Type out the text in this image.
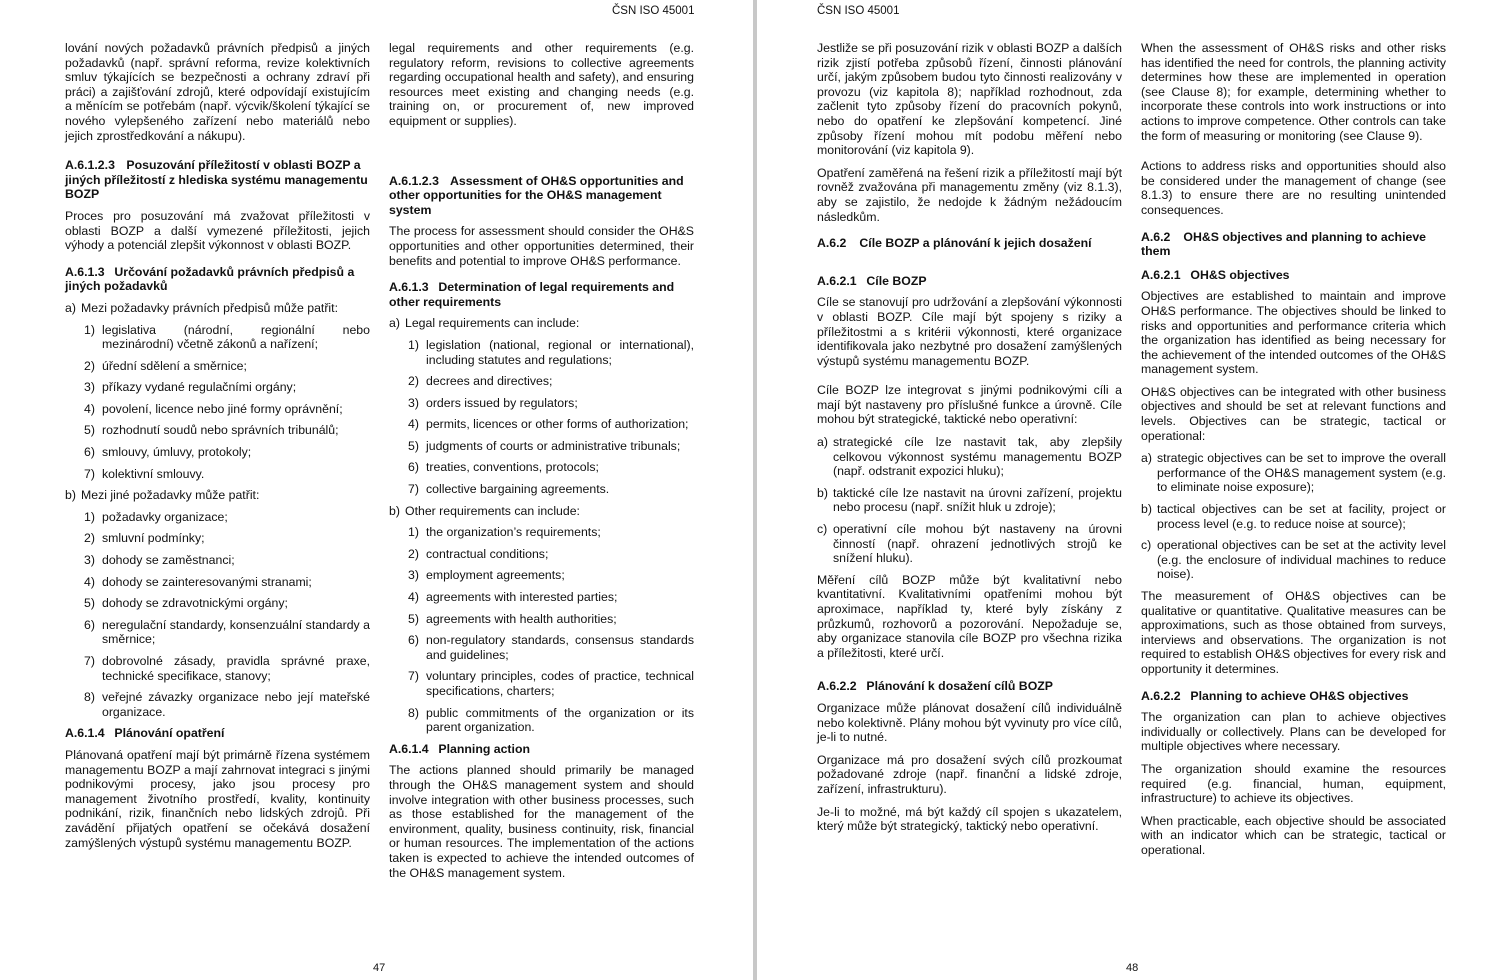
ČSN ISO 45001

lování nových požadavků právních předpisů a jiných požadavků (např. správní reforma, revize kolektivních smluv týkajících se bezpečnosti a ochrany zdraví při práci) a zajišťování zdrojů, které odpovídají existujícím a měnícím se potřebám (např. výcvik/školení týkající se nového vylepšeného zařízení nebo materiálů nebo jejich zprostředkování a nákupu).

A.6.1.2.3 Posuzování příležitostí v oblasti BOZP a jiných příležitostí z hlediska systému managementu BOZP

Proces pro posuzování má zvažovat příležitosti v oblasti BOZP a další vymezené příležitosti, jejich výhody a potenciál zlepšit výkonnost v oblasti BOZP.

A.6.1.3 Určování požadavků právních předpisů a jiných požadavků
a) Mezi požadavky právních předpisů může patřit:
1) legislativa (národní, regionální nebo mezinárodní) včetně zákonů a nařízení;
2) úřední sdělení a směrnice;
3) příkazy vydané regulačními orgány;
4) povolení, licence nebo jiné formy oprávnění;
5) rozhodnutí soudů nebo správních tribunálů;
6) smlouvy, úmluvy, protokoly;
7) kolektivní smlouvy.
b) Mezi jiné požadavky může patřit:
1) požadavky organizace;
2) smluvní podmínky;
3) dohody se zaměstnanci;
4) dohody se zainteresovanými stranami;
5) dohody se zdravotnickými orgány;
6) neregulační standardy, konsenzuální standardy a směrnice;
7) dobrovolné zásady, pravidla správné praxe, technické specifikace, stanovy;
8) veřejné závazky organizace nebo její mateřské organizace.
A.6.1.4 Plánování opatření

Plánovaná opatření mají být primárně řízena systémem managementu BOZP a mají zahrnovat integraci s jinými podnikovými procesy, jako jsou procesy pro management životního prostředí, kvality, kontinuity podnikání, rizik, finančních nebo lidských zdrojů. Při zavádění přijatých opatření se očekává dosažení zamýšlených výstupů systému managementu BOZP.

legal requirements and other requirements (e.g. regulatory reform, revisions to collective agreements regarding occupational health and safety), and ensuring resources meet existing and changing needs (e.g. training on, or procurement of, new improved equipment or supplies).

A.6.1.2.3 Assessment of OH&S opportunities and other opportunities for the OH&S management system

The process for assessment should consider the OH&S opportunities and other opportunities determined, their benefits and potential to improve OH&S performance.

A.6.1.3 Determination of legal requirements and other requirements
a) Legal requirements can include:
1) legislation (national, regional or international), including statutes and regulations;
2) decrees and directives;
3) orders issued by regulators;
4) permits, licences or other forms of authorization;
5) judgments of courts or administrative tribunals;
6) treaties, conventions, protocols;
7) collective bargaining agreements.
b) Other requirements can include:
1) the organization’s requirements;
2) contractual conditions;
3) employment agreements;
4) agreements with interested parties;
5) agreements with health authorities;
6) non-regulatory standards, consensus standards and guidelines;
7) voluntary principles, codes of practice, technical specifications, charters;
8) public commitments of the organization or its parent organization.
A.6.1.4 Planning action

The actions planned should primarily be managed through the OH&S management system and should involve integration with other business processes, such as those established for the management of the environment, quality, business continuity, risk, financial or human resources. The implementation of the actions taken is expected to achieve the intended outcomes of the OH&S management system.

47
ČSN ISO 45001

Jestliže se při posuzování rizik v oblasti BOZP a dalších rizik zjistí potřeba způsobů řízení, činnosti plánování určí, jakým způsobem budou tyto činnosti realizovány v provozu (viz kapitola 8); například rozhodnout, zda začlenit tyto způsoby řízení do pracovních pokynů, nebo do opatření ke zlepšování kompetencí. Jiné způsoby řízení mohou mít podobu měření nebo monitorování (viz kapitola 9).

Opatření zaměřená na řešení rizik a příležitostí mají být rovněž zvažována při managementu změny (viz 8.1.3), aby se zajistilo, že nedojde k žádným nežádoucím následkům.

A.6.2 Cíle BOZP a plánování k jejich dosažení
A.6.2.1 Cíle BOZP

Cíle se stanovují pro udržování a zlepšování výkonnosti v oblasti BOZP. Cíle mají být spojeny s riziky a příležitostmi a s kritérii výkonnosti, které organizace identifikovala jako nezbytné pro dosažení zamýšlených výstupů systému managementu BOZP.

Cíle BOZP lze integrovat s jinými podnikovými cíli a mají být nastaveny pro příslušné funkce a úrovně. Cíle mohou být strategické, taktické nebo operativní:

a) strategické cíle lze nastavit tak, aby zlepšily celkovou výkonnost systému managementu BOZP (např. odstranit expozici hluku);
b) taktické cíle lze nastavit na úrovni zařízení, projektu nebo procesu (např. snížit hluk u zdroje);
c) operativní cíle mohou být nastaveny na úrovni činností (např. ohrazení jednotlivých strojů ke snížení hluku).

Měření cílů BOZP může být kvalitativní nebo kvantitativní. Kvalitativními opatřeními mohou být aproximace, například ty, které byly získány z průzkumů, rozhovorů a pozorování. Nepožaduje se, aby organizace stanovila cíle BOZP pro všechna rizika a příležitosti, které určí.

A.6.2.2 Plánování k dosažení cílů BOZP

Organizace může plánovat dosažení cílů individuálně nebo kolektivně. Plány mohou být vyvinuty pro více cílů, je-li to nutné.

Organizace má pro dosažení svých cílů prozkoumat požadované zdroje (např. finanční a lidské zdroje, zařízení, infrastrukturu).

Je-li to možné, má být každý cíl spojen s ukazatelem, který může být strategický, taktický nebo operativní.

When the assessment of OH&S risks and other risks has identified the need for controls, the planning activity determines how these are implemented in operation (see Clause 8); for example, determining whether to incorporate these controls into work instructions or into actions to improve competence. Other controls can take the form of measuring or monitoring (see Clause 9).

Actions to address risks and opportunities should also be considered under the management of change (see 8.1.3) to ensure there are no resulting unintended consequences.

A.6.2 OH&S objectives and planning to achieve them
A.6.2.1 OH&S objectives

Objectives are established to maintain and improve OH&S performance. The objectives should be linked to risks and opportunities and performance criteria which the organization has identified as being necessary for the achievement of the intended outcomes of the OH&S management system.

OH&S objectives can be integrated with other business objectives and should be set at relevant functions and levels. Objectives can be strategic, tactical or operational:

a) strategic objectives can be set to improve the overall performance of the OH&S management system (e.g. to eliminate noise exposure);
b) tactical objectives can be set at facility, project or process level (e.g. to reduce noise at source);
c) operational objectives can be set at the activity level (e.g. the enclosure of individual machines to reduce noise).

The measurement of OH&S objectives can be qualitative or quantitative. Qualitative measures can be approximations, such as those obtained from surveys, interviews and observations. The organization is not required to establish OH&S objectives for every risk and opportunity it determines.

A.6.2.2 Planning to achieve OH&S objectives

The organization can plan to achieve objectives individually or collectively. Plans can be developed for multiple objectives where necessary.

The organization should examine the resources required (e.g. financial, human, equipment, infrastructure) to achieve its objectives.

When practicable, each objective should be associated with an indicator which can be strategic, tactical or operational.

48
